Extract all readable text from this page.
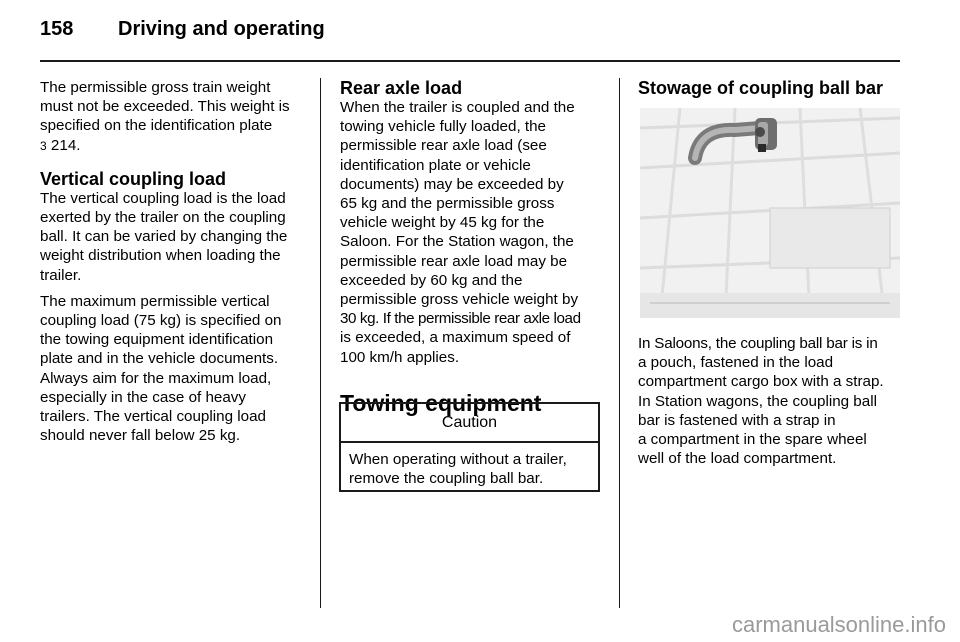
158 Driving and operating

The permissible gross train weight
must not be exceeded. This weight is
specified on the identification plate
3 214.

Vertical coupling load

The vertical coupling load is the load
exerted by the trailer on the coupling
ball. It can be varied by changing the
weight distribution when loading the
trailer.

The maximum permissible vertical
coupling load (75 kg) is specified on
the towing equipment identification
plate and in the vehicle documents.
Always aim for the maximum load,
especially in the case of heavy
trailers. The vertical coupling load
should never fall below 25 kg.

Rear axle load

When the trailer is coupled and the
towing vehicle fully loaded, the
permissible rear axle load (see
identification plate or vehicle
documents) may be exceeded by
65 kg and the permissible gross
vehicle weight by 45 kg for the
Saloon. For the Station wagon, the
permissible rear axle load may be
exceeded by 60 kg and the
permissible gross vehicle weight by
30 kg. If the permissible rear axle load
is exceeded, a maximum speed of
100 km/h applies.

Towing equipment

Caution
When operating without a trailer,
remove the coupling ball bar.

Stowage of coupling ball bar

In Saloons, the coupling ball bar is in
a pouch, fastened in the load
compartment cargo box with a strap.
In Station wagons, the coupling ball
bar is fastened with a strap in
a compartment in the spare wheel
well of the load compartment.

carmanualsonline.info
